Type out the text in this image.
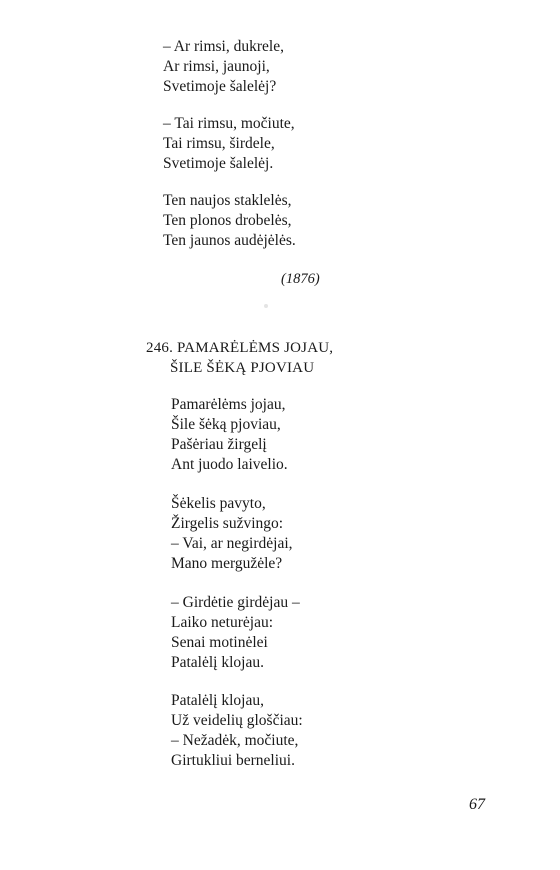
– Ar rimsi, dukrele,
Ar rimsi, jaunoji,
Svetimoje šalelėj?
– Tai rimsu, močiute,
Tai rimsu, širdele,
Svetimoje šalelėj.
Ten naujos staklelės,
Ten plonos drobelės,
Ten jaunos audėjėlės.
(1876)
246. PAMARĖLĖMS JOJAU,
ŠILE ŠĖKĄ PJOVIAU
Pamarėlėms jojau,
Šile šėką pjoviau,
Pašėriau žirgelį
Ant juodo laivelio.
Šėkelis pavyto,
Žirgelis sužvingo:
– Vai, ar negirdėjai,
Mano mergužėle?
– Girdėtie girdėjau –
Laiko neturėjau:
Senai motinėlei
Patalėlį klojau.
Patalėlį klojau,
Už veidelių gloščiau:
– Nežadėk, močiute,
Girtukliui berneliui.
67
